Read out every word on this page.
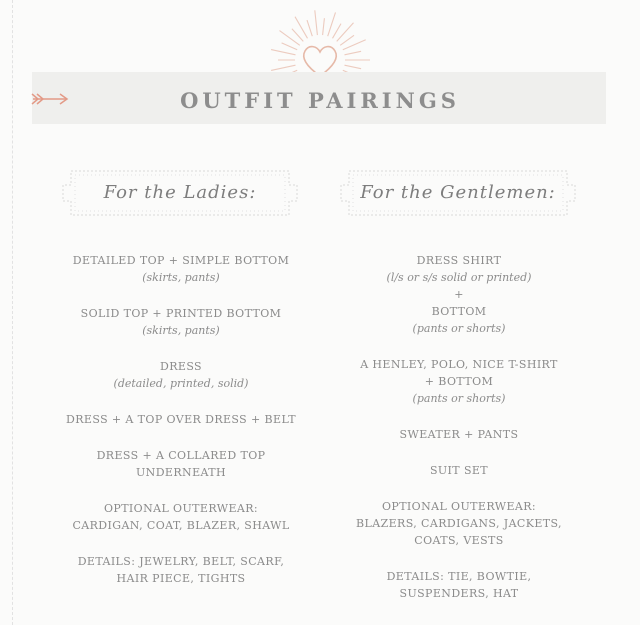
OUTFIT PAIRINGS
For the Ladies:	For the Gentlemen:
DETAILED TOP + SIMPLE BOTTOM
(skirts, pants)
SOLID TOP + PRINTED BOTTOM
(skirts, pants)
DRESS
(detailed, printed, solid)
DRESS + A TOP OVER DRESS + BELT
DRESS + A COLLARED TOP
UNDERNEATH
OPTIONAL OUTERWEAR:
CARDIGAN, COAT, BLAZER, SHAWL
DETAILS: JEWELRY, BELT, SCARF,
HAIR PIECE, TIGHTS
DRESS SHIRT
(l/s or s/s solid or printed)
+
BOTTOM
(pants or shorts)
A HENLEY, POLO, NICE T-SHIRT
+ BOTTOM
(pants or shorts)
SWEATER + PANTS
SUIT SET
OPTIONAL OUTERWEAR:
BLAZERS, CARDIGANS, JACKETS,
COATS, VESTS
DETAILS: TIE, BOWTIE,
SUSPENDERS, HAT
